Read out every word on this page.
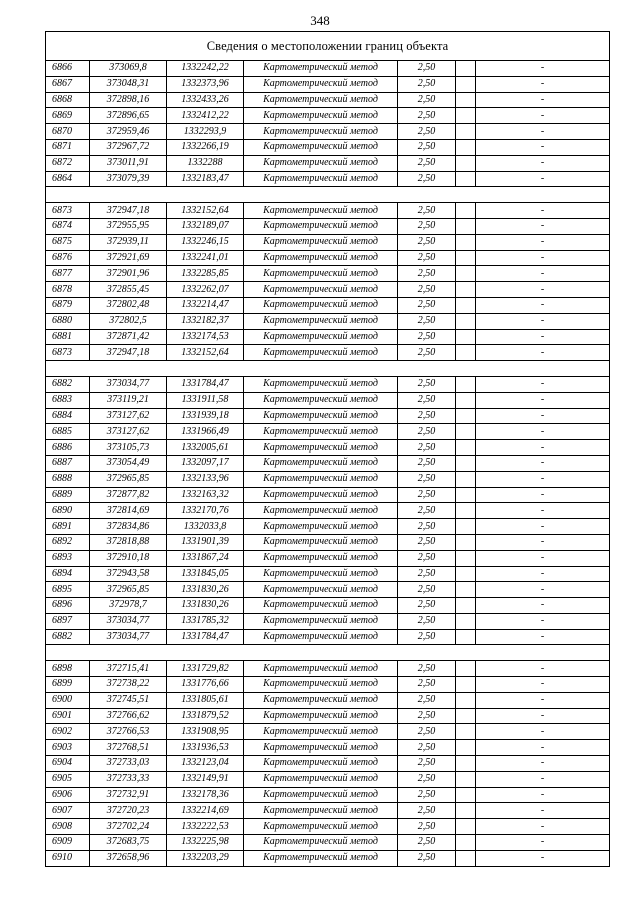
348
Сведения о местоположении границ объекта						
6866	373069,8	1332242,22	Картометрический метод	2,50		-
6867	373048,31	1332373,96	Картометрический метод	2,50		-
6868	372898,16	1332433,26	Картометрический метод	2,50		-
6869	372896,65	1332412,22	Картометрический метод	2,50		-
6870	372959,46	1332293,9	Картометрический метод	2,50		-
6871	372967,72	1332266,19	Картометрический метод	2,50		-
6872	373011,91	1332288	Картометрический метод	2,50		-
6864	373079,39	1332183,47	Картометрический метод	2,50		-

6873	372947,18	1332152,64	Картометрический метод	2,50		-
6874	372955,95	1332189,07	Картометрический метод	2,50		-
6875	372939,11	1332246,15	Картометрический метод	2,50		-
6876	372921,69	1332241,01	Картометрический метод	2,50		-
6877	372901,96	1332285,85	Картометрический метод	2,50		-
6878	372855,45	1332262,07	Картометрический метод	2,50		-
6879	372802,48	1332214,47	Картометрический метод	2,50		-
6880	372802,5	1332182,37	Картометрический метод	2,50		-
6881	372871,42	1332174,53	Картометрический метод	2,50		-
6873	372947,18	1332152,64	Картометрический метод	2,50		-

6882	373034,77	1331784,47	Картометрический метод	2,50		-
6883	373119,21	1331911,58	Картометрический метод	2,50		-
6884	373127,62	1331939,18	Картометрический метод	2,50		-
6885	373127,62	1331966,49	Картометрический метод	2,50		-
6886	373105,73	1332005,61	Картометрический метод	2,50		-
6887	373054,49	1332097,17	Картометрический метод	2,50		-
6888	372965,85	1332133,96	Картометрический метод	2,50		-
6889	372877,82	1332163,32	Картометрический метод	2,50		-
6890	372814,69	1332170,76	Картометрический метод	2,50		-
6891	372834,86	1332033,8	Картометрический метод	2,50		-
6892	372818,88	1331901,39	Картометрический метод	2,50		-
6893	372910,18	1331867,24	Картометрический метод	2,50		-
6894	372943,58	1331845,05	Картометрический метод	2,50		-
6895	372965,85	1331830,26	Картометрический метод	2,50		-
6896	372978,7	1331830,26	Картометрический метод	2,50		-
6897	373034,77	1331785,32	Картометрический метод	2,50		-
6882	373034,77	1331784,47	Картометрический метод	2,50		-

6898	372715,41	1331729,82	Картометрический метод	2,50		-
6899	372738,22	1331776,66	Картометрический метод	2,50		-
6900	372745,51	1331805,61	Картометрический метод	2,50		-
6901	372766,62	1331879,52	Картометрический метод	2,50		-
6902	372766,53	1331908,95	Картометрический метод	2,50		-
6903	372768,51	1331936,53	Картометрический метод	2,50		-
6904	372733,03	1332123,04	Картометрический метод	2,50		-
6905	372733,33	1332149,91	Картометрический метод	2,50		-
6906	372732,91	1332178,36	Картометрический метод	2,50		-
6907	372720,23	1332214,69	Картометрический метод	2,50		-
6908	372702,24	1332222,53	Картометрический метод	2,50		-
6909	372683,75	1332225,98	Картометрический метод	2,50		-
6910	372658,96	1332203,29	Картометрический метод	2,50		-
